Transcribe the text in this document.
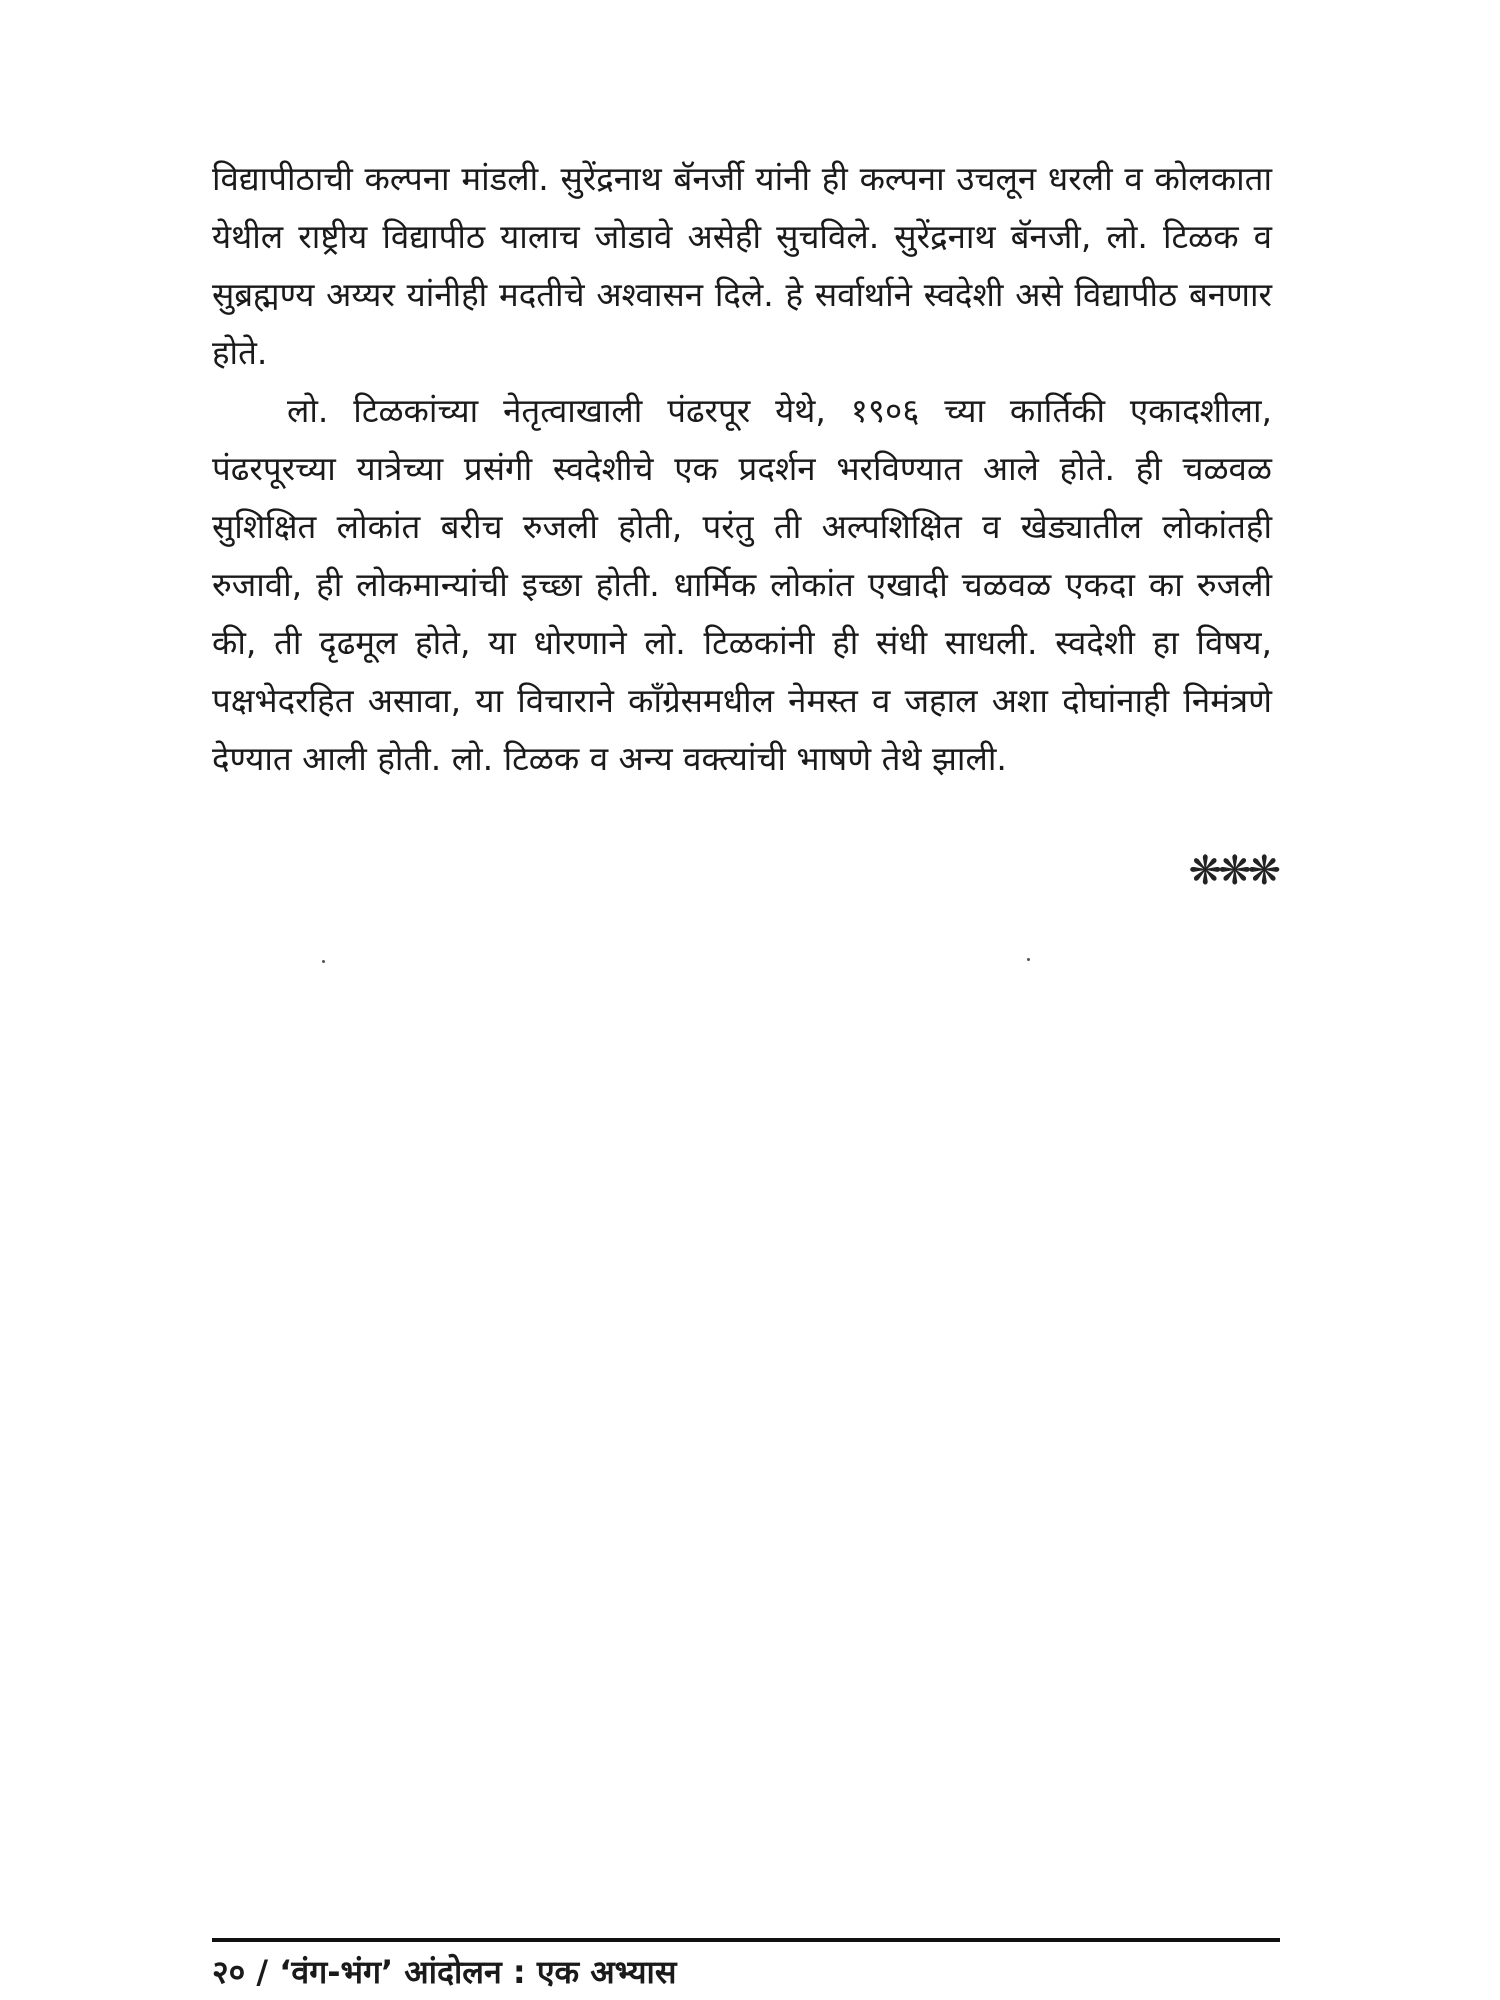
विद्यापीठाची कल्पना मांडली. सुरेंद्रनाथ बॅनर्जी यांनी ही कल्पना उचलून धरली व कोलकाता येथील राष्ट्रीय विद्यापीठ यालाच जोडावे असेही सुचविले. सुरेंद्रनाथ बॅनजी, लो. टिळक व सुब्रह्मण्य अय्यर यांनीही मदतीचे अश्वासन दिले. हे सर्वार्थाने स्वदेशी असे विद्यापीठ बनणार होते.

लो. टिळकांच्या नेतृत्वाखाली पंढरपूर येथे, १९०६ च्या कार्तिकी एकादशीला, पंढरपूरच्या यात्रेच्या प्रसंगी स्वदेशीचे एक प्रदर्शन भरविण्यात आले होते. ही चळवळ सुशिक्षित लोकांत बरीच रुजली होती, परंतु ती अल्पशिक्षित व खेड्यातील लोकांतही रुजावी, ही लोकमान्यांची इच्छा होती. धार्मिक लोकांत एखादी चळवळ एकदा का रुजली की, ती दृढमूल होते, या धोरणाने लो. टिळकांनी ही संधी साधली. स्वदेशी हा विषय, पक्षभेदरहित असावा, या विचाराने काँग्रेसमधील नेमस्त व जहाल अशा दोघांनाही निमंत्रणे देण्यात आली होती. लो. टिळक व अन्य वक्त्यांची भाषणे तेथे झाली.

❋❋❋
२० / ‘वंग-भंग’ आंदोलन : एक अभ्यास
